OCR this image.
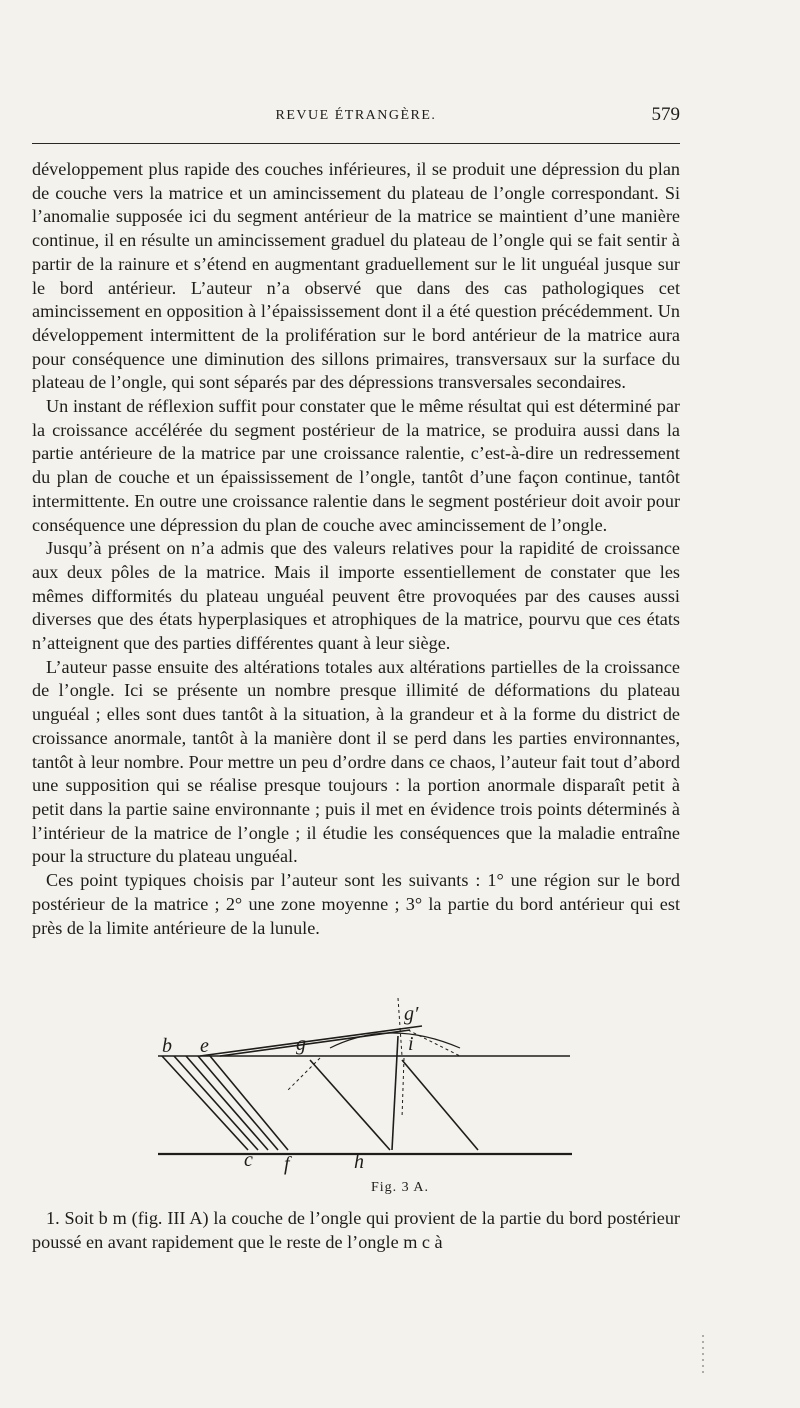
REVUE ÉTRANGÈRE.	579

développement plus rapide des couches inférieures, il se produit une dépression du plan de couche vers la matrice et un amincissement du plateau de l’ongle correspondant. Si l’anomalie supposée ici du segment antérieur de la matrice se maintient d’une manière continue, il en résulte un amincissement graduel du plateau de l’ongle qui se fait sentir à partir de la rainure et s’étend en augmentant graduellement sur le lit unguéal jusque sur le bord antérieur. L’auteur n’a observé que dans des cas pathologiques cet amincissement en opposition à l’épaississement dont il a été question précédemment. Un développement intermittent de la prolifération sur le bord antérieur de la matrice aura pour conséquence une diminution des sillons primaires, transversaux sur la surface du plateau de l’ongle, qui sont séparés par des dépressions transversales secondaires.

Un instant de réflexion suffit pour constater que le même résultat qui est déterminé par la croissance accélérée du segment postérieur de la matrice, se produira aussi dans la partie antérieure de la matrice par une croissance ralentie, c’est-à-dire un redressement du plan de couche et un épaississement de l’ongle, tantôt d’une façon continue, tantôt intermittente. En outre une croissance ralentie dans le segment postérieur doit avoir pour conséquence une dépression du plan de couche avec amincissement de l’ongle.

Jusqu’à présent on n’a admis que des valeurs relatives pour la rapidité de croissance aux deux pôles de la matrice. Mais il importe essentiellement de constater que les mêmes difformités du plateau unguéal peuvent être provoquées par des causes aussi diverses que des états hyperplasiques et atrophiques de la matrice, pourvu que ces états n’atteignent que des parties différentes quant à leur siège.

L’auteur passe ensuite des altérations totales aux altérations partielles de la croissance de l’ongle. Ici se présente un nombre presque illimité de déformations du plateau unguéal ; elles sont dues tantôt à la situation, à la grandeur et à la forme du district de croissance anormale, tantôt à la manière dont il se perd dans les parties environnantes, tantôt à leur nombre. Pour mettre un peu d’ordre dans ce chaos, l’auteur fait tout d’abord une supposition qui se réalise presque toujours : la portion anormale disparaît petit à petit dans la partie saine environnante ; puis il met en évidence trois points déterminés à l’intérieur de la matrice de l’ongle ; il étudie les conséquences que la maladie entraîne pour la structure du plateau unguéal.

Ces point typiques choisis par l’auteur sont les suivants : 1° une région sur le bord postérieur de la matrice ; 2° une zone moyenne ; 3° la partie du bord antérieur qui est près de la limite antérieure de la lunule.

b e	g
g′
i
c f	h
Fig. 3 A.

1. Soit b m (fig. III A) la couche de l’ongle qui provient de la partie du bord postérieur poussé en avant rapidement que le reste de l’ongle m c à
